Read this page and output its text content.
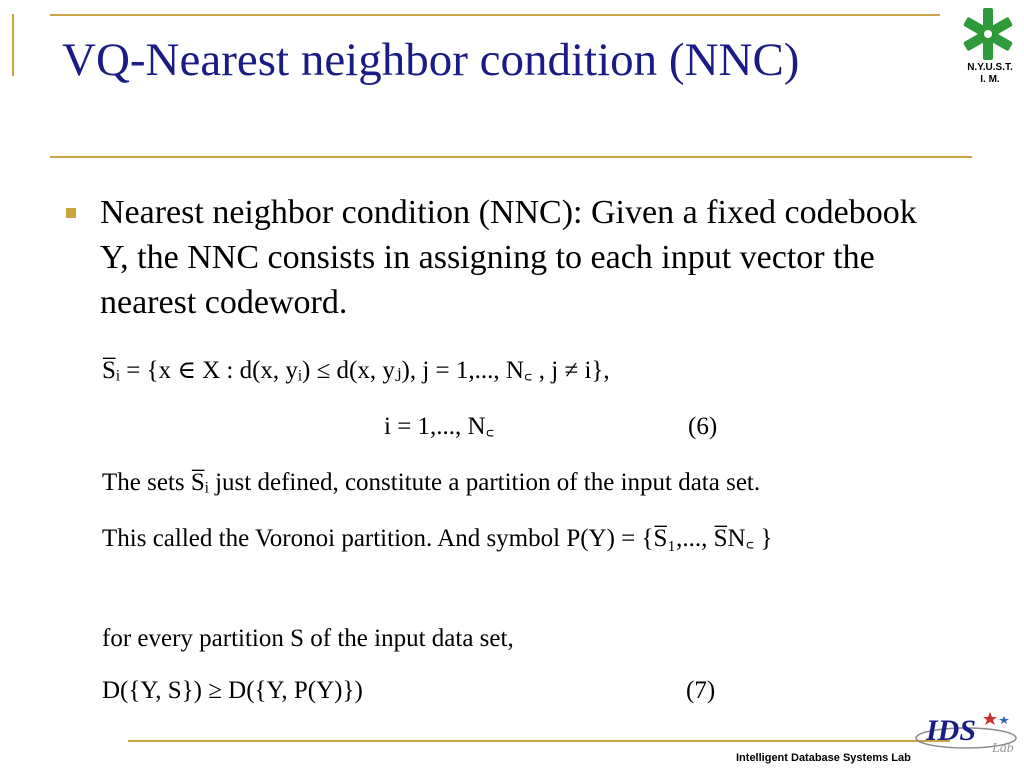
VQ-Nearest neighbor condition (NNC)	N.Y.U.S.T.
I. M.
Nearest neighbor condition (NNC): Given a fixed codebook Y, the NNC consists in assigning to each input vector the nearest codeword.
S̅ᵢ = {x ∈ X : d(x, yᵢ) ≤ d(x, yⱼ), j = 1,..., N꜀ , j ≠ i},
i = 1,..., N꜀	(6)
The sets S̅ᵢ just defined, constitute a partition of the input data set.
This called the Voronoi partition. And symbol P(Y) = {S̅₁,..., S̅N꜀ }
for every partition S of the input data set,
D({Y, S}) ≥ D({Y, P(Y)})	(7)
IDS
Lab
Intelligent Database Systems Lab
